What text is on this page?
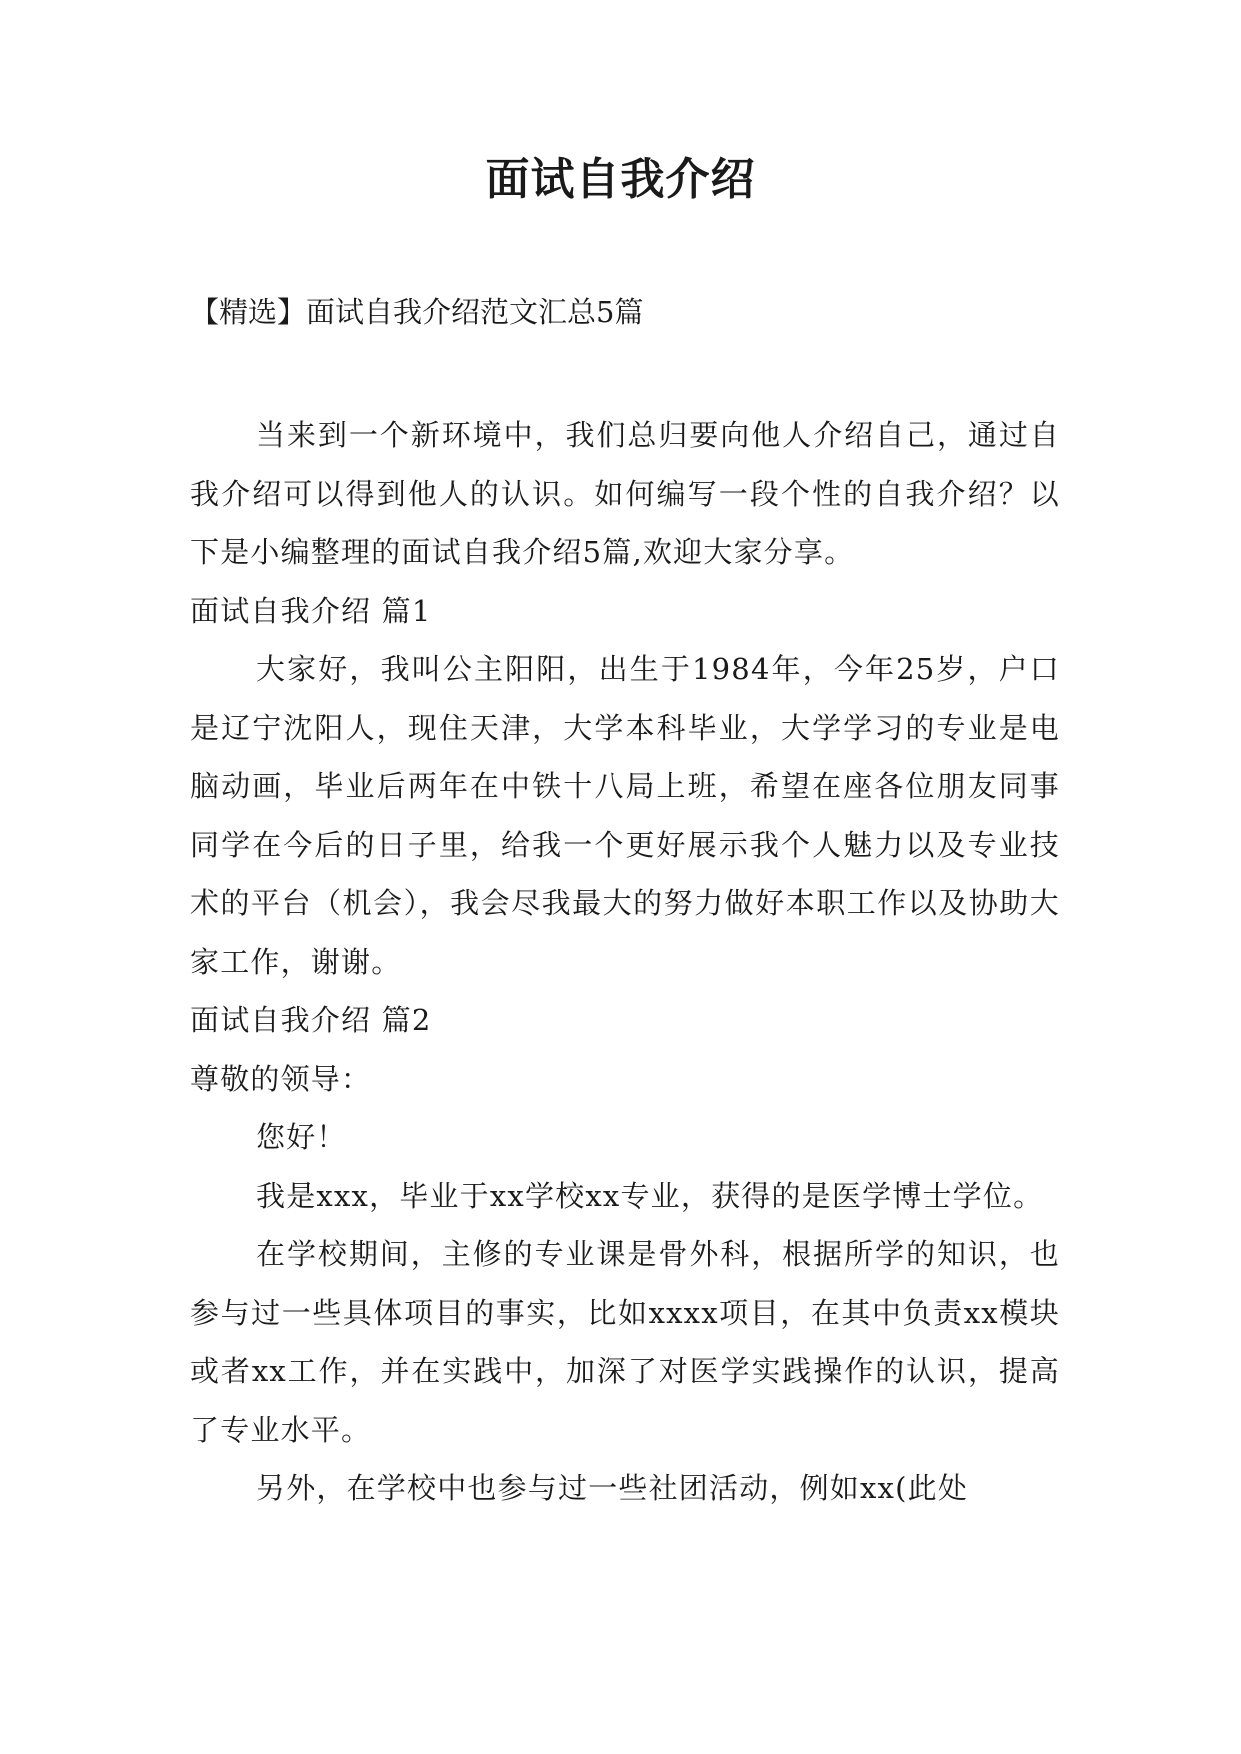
面试自我介绍
【精选】面试自我介绍范文汇总5篇

当来到一个新环境中，我们总归要向他人介绍自己，通过自我介绍可以得到他人的认识。如何编写一段个性的自我介绍？以下是小编整理的面试自我介绍5篇,欢迎大家分享。

面试自我介绍 篇1

大家好，我叫公主阳阳，出生于1984年，今年25岁，户口是辽宁沈阳人，现住天津，大学本科毕业，大学学习的专业是电脑动画，毕业后两年在中铁十八局上班，希望在座各位朋友同事同学在今后的日子里，给我一个更好展示我个人魅力以及专业技术的平台（机会），我会尽我最大的努力做好本职工作以及协助大家工作，谢谢。

面试自我介绍 篇2

尊敬的领导：

您好！

我是xxx，毕业于xx学校xx专业，获得的是医学博士学位。

在学校期间，主修的专业课是骨外科，根据所学的知识，也参与过一些具体项目的事实，比如xxxx项目，在其中负责xx模块或者xx工作，并在实践中，加深了对医学实践操作的认识，提高了专业水平。

另外，在学校中也参与过一些社团活动，例如xx(此处
